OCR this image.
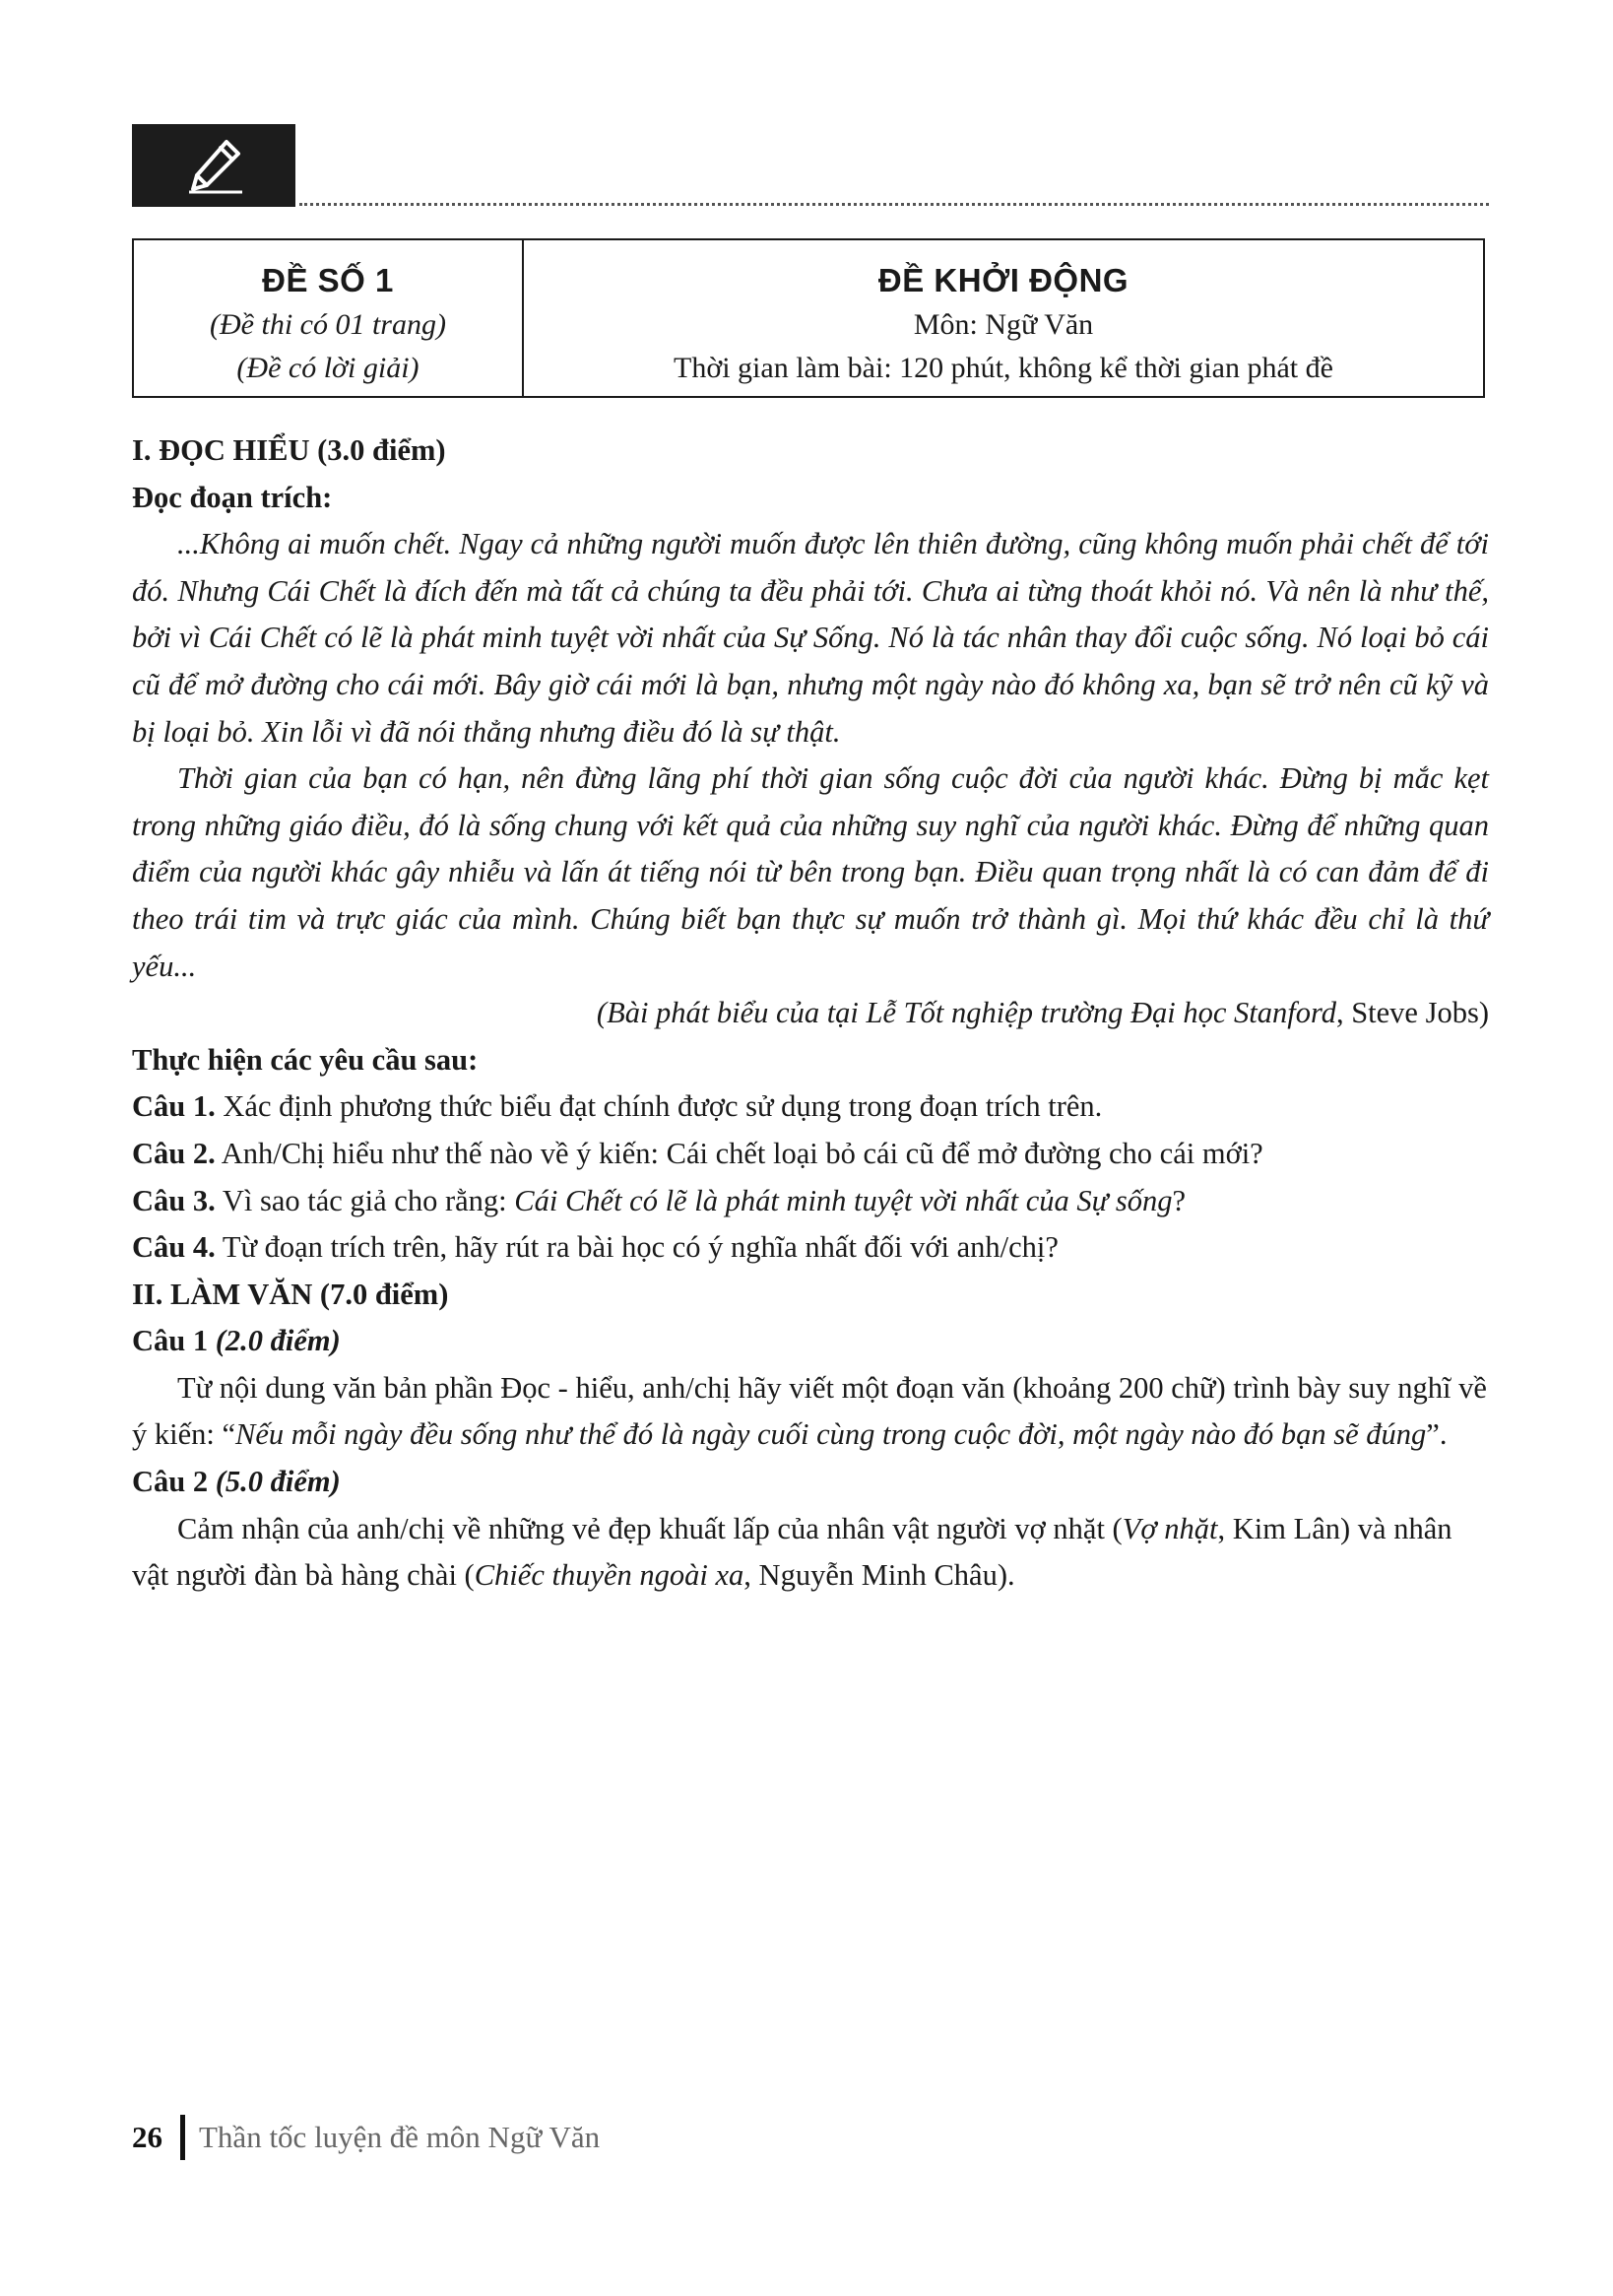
ĐỀ SỐ 1
(Đề thi có 01 trang)
(Đề có lời giải)
ĐỀ KHỞI ĐỘNG
Môn: Ngữ Văn
Thời gian làm bài: 120 phút, không kể thời gian phát đề

I. ĐỌC HIỂU (3.0 điểm)

Đọc đoạn trích:

...Không ai muốn chết. Ngay cả những người muốn được lên thiên đường, cũng không muốn phải chết để tới đó. Nhưng Cái Chết là đích đến mà tất cả chúng ta đều phải tới. Chưa ai từng thoát khỏi nó. Và nên là như thế, bởi vì Cái Chết có lẽ là phát minh tuyệt vời nhất của Sự Sống. Nó là tác nhân thay đổi cuộc sống. Nó loại bỏ cái cũ để mở đường cho cái mới. Bây giờ cái mới là bạn, nhưng một ngày nào đó không xa, bạn sẽ trở nên cũ kỹ và bị loại bỏ. Xin lỗi vì đã nói thẳng nhưng điều đó là sự thật.

Thời gian của bạn có hạn, nên đừng lãng phí thời gian sống cuộc đời của người khác. Đừng bị mắc kẹt trong những giáo điều, đó là sống chung với kết quả của những suy nghĩ của người khác. Đừng để những quan điểm của người khác gây nhiễu và lấn át tiếng nói từ bên trong bạn. Điều quan trọng nhất là có can đảm để đi theo trái tim và trực giác của mình. Chúng biết bạn thực sự muốn trở thành gì. Mọi thứ khác đều chỉ là thứ yếu...

(Bài phát biểu của tại Lễ Tốt nghiệp trường Đại học Stanford, Steve Jobs)

Thực hiện các yêu cầu sau:

Câu 1. Xác định phương thức biểu đạt chính được sử dụng trong đoạn trích trên.

Câu 2. Anh/Chị hiểu như thế nào về ý kiến: Cái chết loại bỏ cái cũ để mở đường cho cái mới?

Câu 3. Vì sao tác giả cho rằng: Cái Chết có lẽ là phát minh tuyệt vời nhất của Sự sống?

Câu 4. Từ đoạn trích trên, hãy rút ra bài học có ý nghĩa nhất đối với anh/chị?

II. LÀM VĂN (7.0 điểm)

Câu 1 (2.0 điểm)

Từ nội dung văn bản phần Đọc - hiểu, anh/chị hãy viết một đoạn văn (khoảng 200 chữ) trình bày suy nghĩ về ý kiến: “Nếu mỗi ngày đều sống như thể đó là ngày cuối cùng trong cuộc đời, một ngày nào đó bạn sẽ đúng”.

Câu 2 (5.0 điểm)

Cảm nhận của anh/chị về những vẻ đẹp khuất lấp của nhân vật người vợ nhặt (Vợ nhặt, Kim Lân) và nhân vật người đàn bà hàng chài (Chiếc thuyền ngoài xa, Nguyễn Minh Châu).

26 Thần tốc luyện đề môn Ngữ Văn
